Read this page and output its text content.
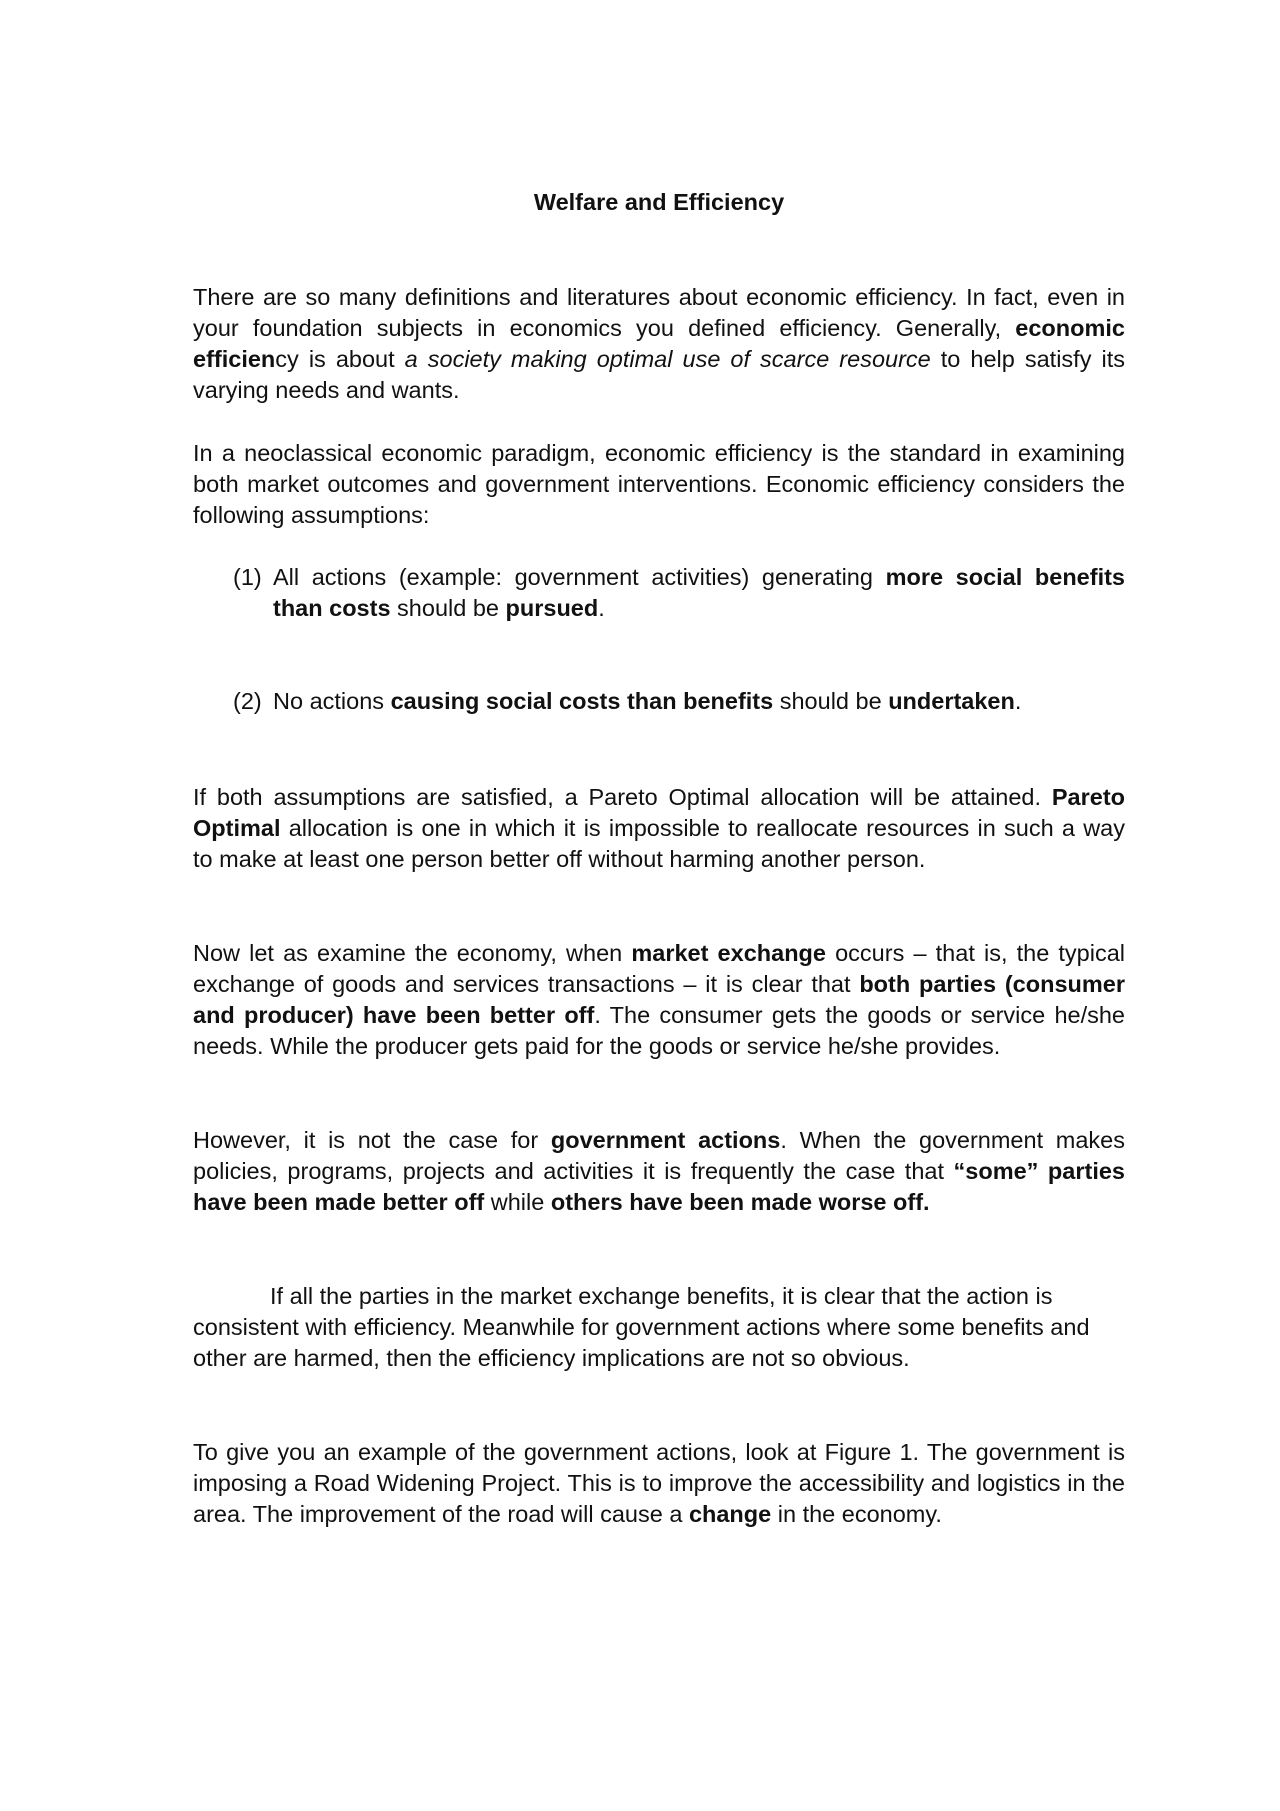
Welfare and Efficiency

There are so many definitions and literatures about economic efficiency. In fact, even in your foundation subjects in economics you defined efficiency. Generally, economic efficiency is about a society making optimal use of scarce resource to help satisfy its varying needs and wants.

In a neoclassical economic paradigm, economic efficiency is the standard in examining both market outcomes and government interventions. Economic efficiency considers the following assumptions:

(1) All actions (example: government activities) generating more social benefits than costs should be pursued.
(2) No actions causing social costs than benefits should be undertaken.

If both assumptions are satisfied, a Pareto Optimal allocation will be attained. Pareto Optimal allocation is one in which it is impossible to reallocate resources in such a way to make at least one person better off without harming another person.

Now let as examine the economy, when market exchange occurs – that is, the typical exchange of goods and services transactions – it is clear that both parties (consumer and producer) have been better off. The consumer gets the goods or service he/she needs. While the producer gets paid for the goods or service he/she provides.

However, it is not the case for government actions. When the government makes policies, programs, projects and activities it is frequently the case that “some” parties have been made better off while others have been made worse off.

If all the parties in the market exchange benefits, it is clear that the action is consistent with efficiency. Meanwhile for government actions where some benefits and other are harmed, then the efficiency implications are not so obvious.

To give you an example of the government actions, look at Figure 1. The government is imposing a Road Widening Project. This is to improve the accessibility and logistics in the area. The improvement of the road will cause a change in the economy.
